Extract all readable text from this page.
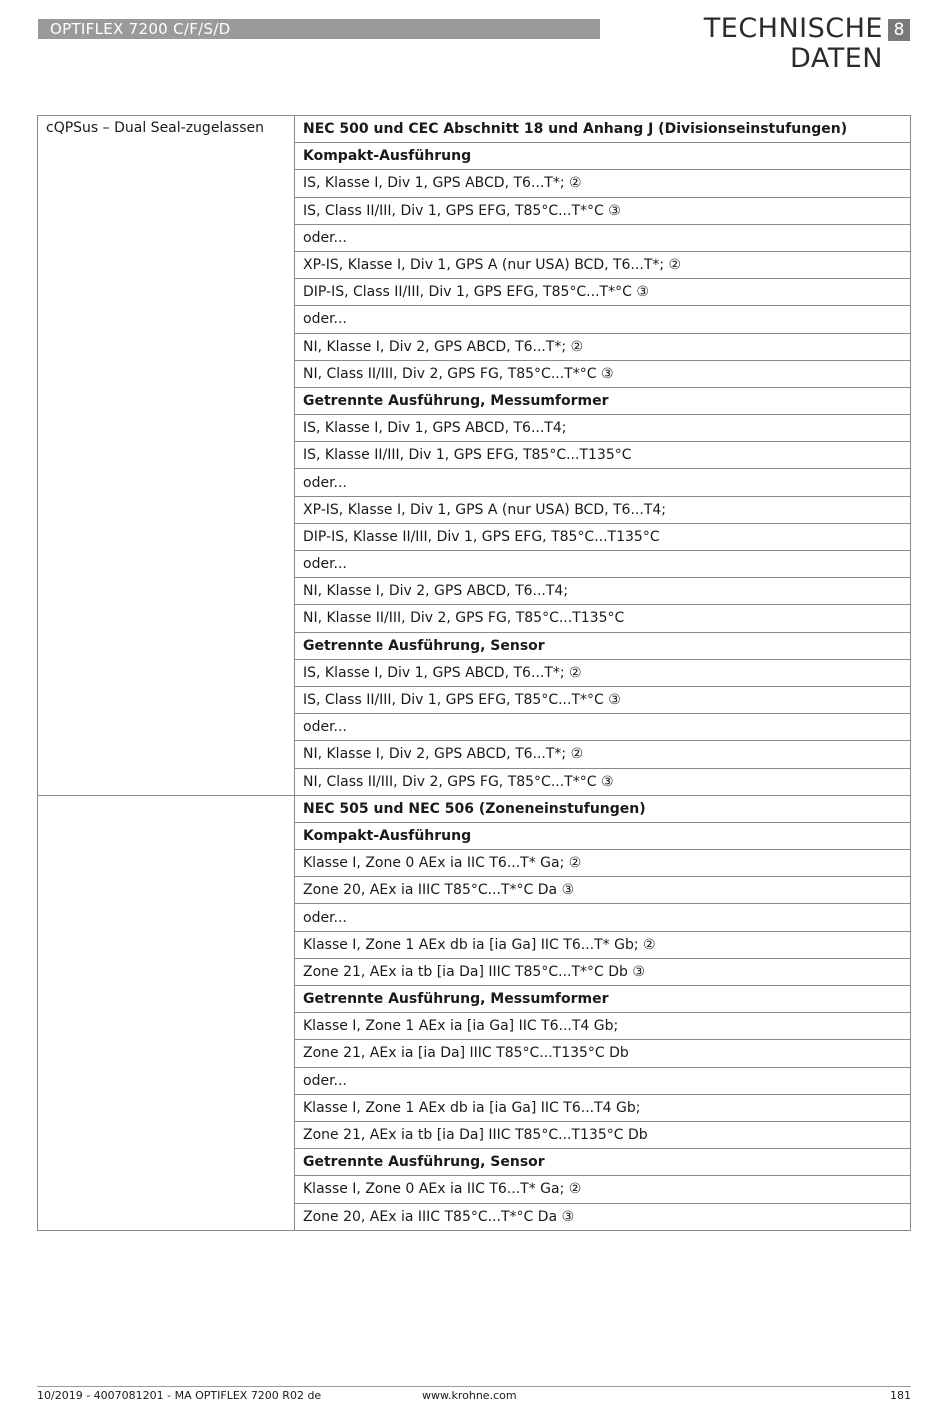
OPTIFLEX 7200 C/F/S/D	TECHNISCHE DATEN
8
cQPSus – Dual Seal-zugelassen	NEC 500 und CEC Abschnitt 18 und Anhang J (Divisionseinstufungen)
	Kompakt-Ausführung
	IS, Klasse I, Div 1, GPS ABCD, T6...T*; ②
	IS, Class II/III, Div 1, GPS EFG, T85°C...T*°C ③
	oder...
	XP-IS, Klasse I, Div 1, GPS A (nur USA) BCD, T6...T*; ②
	DIP-IS, Class II/III, Div 1, GPS EFG, T85°C...T*°C ③
	oder...
	NI, Klasse I, Div 2, GPS ABCD, T6...T*; ②
	NI, Class II/III, Div 2, GPS FG, T85°C...T*°C ③
	Getrennte Ausführung, Messumformer
	IS, Klasse I, Div 1, GPS ABCD, T6...T4;
	IS, Klasse II/III, Div 1, GPS EFG, T85°C...T135°C
	oder...
	XP-IS, Klasse I, Div 1, GPS A (nur USA) BCD, T6...T4;
	DIP-IS, Klasse II/III, Div 1, GPS EFG, T85°C...T135°C
	oder...
	NI, Klasse I, Div 2, GPS ABCD, T6...T4;
	NI, Klasse II/III, Div 2, GPS FG, T85°C...T135°C
	Getrennte Ausführung, Sensor
	IS, Klasse I, Div 1, GPS ABCD, T6...T*; ②
	IS, Class II/III, Div 1, GPS EFG, T85°C...T*°C ③
	oder...
	NI, Klasse I, Div 2, GPS ABCD, T6...T*; ②
	NI, Class II/III, Div 2, GPS FG, T85°C...T*°C ③
	NEC 505 und NEC 506 (Zoneneinstufungen)
	Kompakt-Ausführung
	Klasse I, Zone 0 AEx ia IIC T6...T* Ga; ②
	Zone 20, AEx ia IIIC T85°C...T*°C Da ③
	oder...
	Klasse I, Zone 1 AEx db ia [ia Ga] IIC T6...T* Gb; ②
	Zone 21, AEx ia tb [ia Da] IIIC T85°C...T*°C Db ③
	Getrennte Ausführung, Messumformer
	Klasse I, Zone 1 AEx ia [ia Ga] IIC T6...T4 Gb;
	Zone 21, AEx ia [ia Da] IIIC T85°C...T135°C Db
	oder...
	Klasse I, Zone 1 AEx db ia [ia Ga] IIC T6...T4 Gb;
	Zone 21, AEx ia tb [ia Da] IIIC T85°C...T135°C Db
	Getrennte Ausführung, Sensor
	Klasse I, Zone 0 AEx ia IIC T6...T* Ga; ②
	Zone 20, AEx ia IIIC T85°C...T*°C Da ③
10/2019 - 4007081201 - MA OPTIFLEX 7200 R02 de	www.krohne.com	181
